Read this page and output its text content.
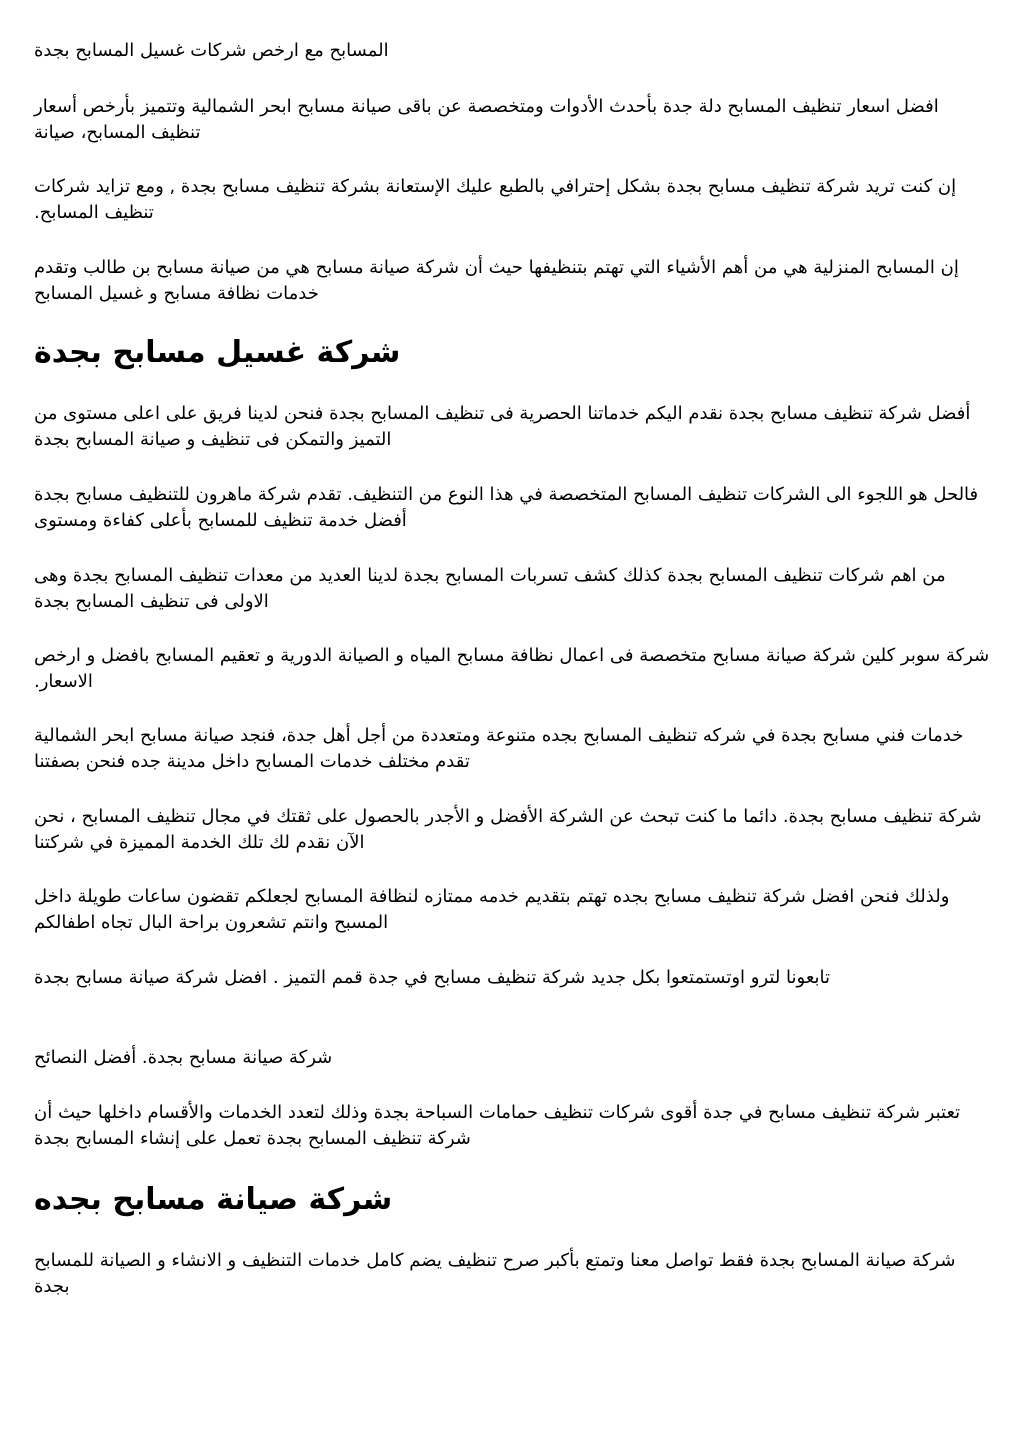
المسابح مع ارخص شركات غسيل المسابح بجدة

افضل اسعار تنظيف المسابح دلة جدة بأحدث الأدوات ومتخصصة عن باقى صيانة مسابح ابحر الشمالية وتتميز بأرخص أسعار تنظيف المسابح، صيانة

إن كنت تريد شركة تنظيف مسابح بجدة بشكل إحترافي بالطبع عليك الإستعانة بشركة تنظيف مسابح بجدة , ومع تزايد شركات تنظيف المسابح.

إن المسابح المنزلية هي من أهم الأشياء التي تهتم بتنظيفها حيث أن شركة صيانة مسابح هي من صيانة مسابح بن طالب وتقدم خدمات نظافة مسابح و غسيل المسابح

شركة غسيل مسابح بجدة

أفضل شركة تنظيف مسابح بجدة نقدم اليكم خدماتنا الحصرية فى تنظيف المسابح بجدة فنحن لدينا فريق على اعلى مستوى من التميز والتمكن فى تنظيف و صيانة المسابح بجدة

فالحل هو اللجوء الى الشركات تنظيف المسابح المتخصصة في هذا النوع من التنظيف. تقدم شركة ماهرون للتنظيف مسابح بجدة أفضل خدمة تنظيف للمسابح بأعلى كفاءة ومستوى

من اهم شركات تنظيف المسابح بجدة كذلك كشف تسربات المسابح بجدة لدينا العديد من معدات تنظيف المسابح بجدة وهى الاولى فى تنظيف المسابح بجدة

شركة سوبر كلين شركة صيانة مسابح متخصصة فى اعمال نظافة مسابح المياه و الصيانة الدورية و تعقيم المسابح بافضل و ارخص الاسعار.

خدمات فني مسابح بجدة في شركه تنظيف المسابح بجده متنوعة ومتعددة من أجل أهل جدة، فنجد صيانة مسابح ابحر الشمالية تقدم مختلف خدمات المسابح داخل مدينة جده فنحن بصفتنا

شركة تنظيف مسابح بجدة. دائما ما كنت تبحث عن الشركة الأفضل و الأجدر بالحصول على ثقتك في مجال تنظيف المسابح ، نحن الآن نقدم لك تلك الخدمة المميزة في شركتنا

ولذلك فنحن افضل شركة تنظيف مسابح بجده تهتم بتقديم خدمه ممتازه لنظافة المسابح لجعلكم تقضون ساعات طويلة داخل المسبح وانتم تشعرون براحة البال تجاه اطفالكم

تابعونا لترو اوتستمتعوا بكل جديد شركة تنظيف مسابح في جدة قمم التميز . افضل شركة صيانة مسابح بجدة

شركة صيانة مسابح بجدة. أفضل النصائح

تعتبر شركة تنظيف مسابح في جدة أقوى شركات تنظيف حمامات السباحة بجدة وذلك لتعدد الخدمات والأقسام داخلها حيث أن شركة تنظيف المسابح بجدة تعمل على إنشاء المسابح بجدة

شركة صيانة مسابح بجده

شركة صيانة المسابح بجدة فقط تواصل معنا وتمتع بأكبر صرح تنظيف يضم كامل خدمات التنظيف و الانشاء و الصيانة للمسابح بجدة
